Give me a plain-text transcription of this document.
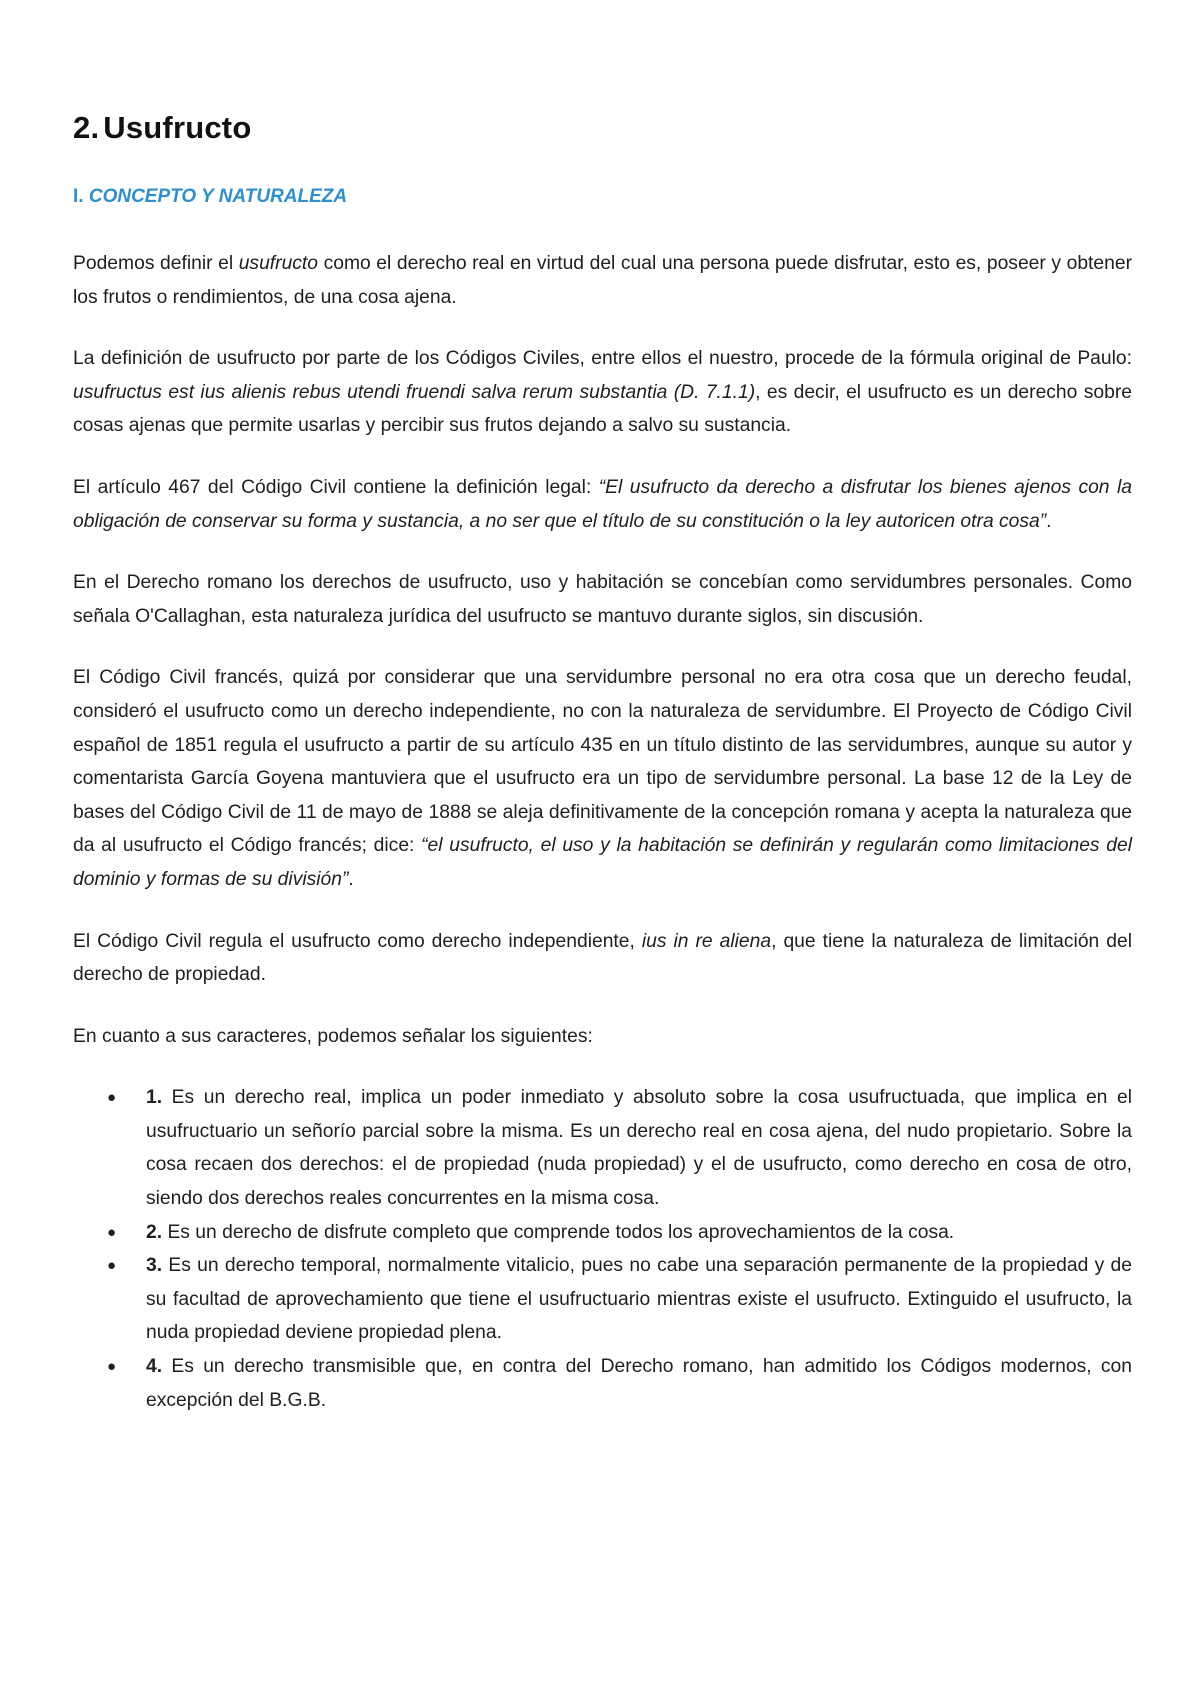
2. Usufructo
I. CONCEPTO Y NATURALEZA

Podemos definir el usufructo como el derecho real en virtud del cual una persona puede disfrutar, esto es, poseer y obtener los frutos o rendimientos, de una cosa ajena.

La definición de usufructo por parte de los Códigos Civiles, entre ellos el nuestro, procede de la fórmula original de Paulo: usufructus est ius alienis rebus utendi fruendi salva rerum substantia (D. 7.1.1), es decir, el usufructo es un derecho sobre cosas ajenas que permite usarlas y percibir sus frutos dejando a salvo su sustancia.

El artículo 467 del Código Civil contiene la definición legal: “El usufructo da derecho a disfrutar los bienes ajenos con la obligación de conservar su forma y sustancia, a no ser que el título de su constitución o la ley autoricen otra cosa”.

En el Derecho romano los derechos de usufructo, uso y habitación se concebían como servidumbres personales. Como señala O'Callaghan, esta naturaleza jurídica del usufructo se mantuvo durante siglos, sin discusión.

El Código Civil francés, quizá por considerar que una servidumbre personal no era otra cosa que un derecho feudal, consideró el usufructo como un derecho independiente, no con la naturaleza de servidumbre. El Proyecto de Código Civil español de 1851 regula el usufructo a partir de su artículo 435 en un título distinto de las servidumbres, aunque su autor y comentarista García Goyena mantuviera que el usufructo era un tipo de servidumbre personal. La base 12 de la Ley de bases del Código Civil de 11 de mayo de 1888 se aleja definitivamente de la concepción romana y acepta la naturaleza que da al usufructo el Código francés; dice: “el usufructo, el uso y la habitación se definirán y regularán como limitaciones del dominio y formas de su división”.

El Código Civil regula el usufructo como derecho independiente, ius in re aliena, que tiene la naturaleza de limitación del derecho de propiedad.

En cuanto a sus caracteres, podemos señalar los siguientes:

● 1. Es un derecho real, implica un poder inmediato y absoluto sobre la cosa usufructuada, que implica en el usufructuario un señorío parcial sobre la misma. Es un derecho real en cosa ajena, del nudo propietario. Sobre la cosa recaen dos derechos: el de propiedad (nuda propiedad) y el de usufructo, como derecho en cosa de otro, siendo dos derechos reales concurrentes en la misma cosa.
● 2. Es un derecho de disfrute completo que comprende todos los aprovechamientos de la cosa.
● 3. Es un derecho temporal, normalmente vitalicio, pues no cabe una separación permanente de la propiedad y de su facultad de aprovechamiento que tiene el usufructuario mientras existe el usufructo. Extinguido el usufructo, la nuda propiedad deviene propiedad plena.
● 4. Es un derecho transmisible que, en contra del Derecho romano, han admitido los Códigos modernos, con excepción del B.G.B.
